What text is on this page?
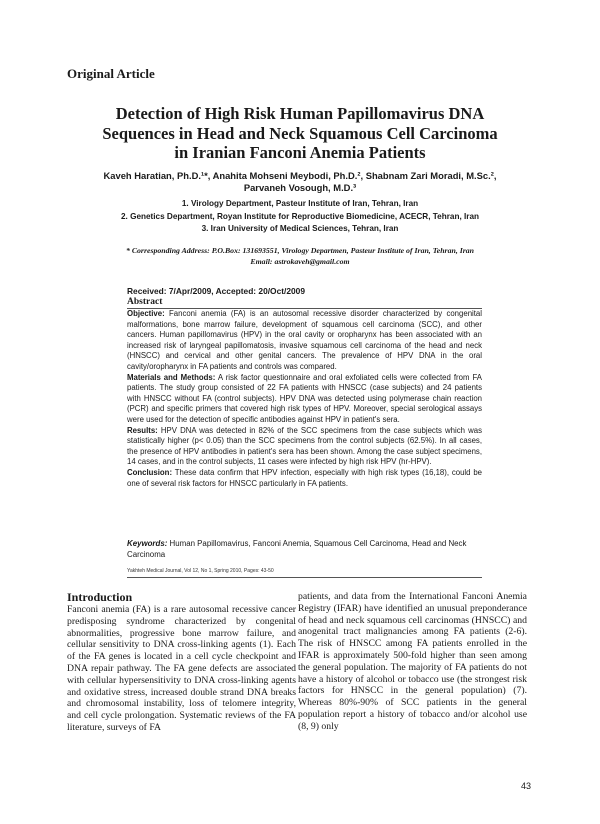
Original Article
Detection of High Risk Human Papillomavirus DNA
Sequences in Head and Neck Squamous Cell Carcinoma
in Iranian Fanconi Anemia Patients
Kaveh Haratian, Ph.D.¹*, Anahita Mohseni Meybodi, Ph.D.², Shabnam Zari Moradi, M.Sc.²,
Parvaneh Vosough, M.D.³
1. Virology Department, Pasteur Institute of Iran, Tehran, Iran
2. Genetics Department, Royan Institute for Reproductive Biomedicine, ACECR, Tehran, Iran
3. Iran University of Medical Sciences, Tehran, Iran
* Corresponding Address: P.O.Box: 131693551, Virology Departmen, Pasteur Institute of Iran, Tehran, Iran
Email: astrokaveh@gmail.com
Received: 7/Apr/2009, Accepted: 20/Oct/2009
Abstract

Objective: Fanconi anemia (FA) is an autosomal recessive disorder characterized by congenital malformations, bone marrow failure, development of squamous cell carcinoma (SCC), and other cancers. Human papillomavirus (HPV) in the oral cavity or oropharynx has been associated with an increased risk of laryngeal papillomatosis, invasive squamous cell carcinoma of the head and neck (HNSCC) and cervical and other genital cancers. The prevalence of HPV DNA in the oral cavity/oropharynx in FA patients and controls was compared.

Materials and Methods: A risk factor questionnaire and oral exfoliated cells were collected from FA patients. The study group consisted of 22 FA patients with HNSCC (case subjects) and 24 patients with HNSCC without FA (control subjects). HPV DNA was detected using polymerase chain reaction (PCR) and specific primers that covered high risk types of HPV. Moreover, special serological assays were used for the detection of specific antibodies against HPV in patient's sera.

Results: HPV DNA was detected in 82% of the SCC specimens from the case subjects which was statistically higher (p< 0.05) than the SCC specimens from the control subjects (62.5%). In all cases, the presence of HPV antibodies in patient's sera has been shown. Among the case subject specimens, 14 cases, and in the control subjects, 11 cases were infected by high risk HPV (hr-HPV).

Conclusion: These data confirm that HPV infection, especially with high risk types (16,18), could be one of several risk factors for HNSCC particularly in FA patients.

Keywords: Human Papillomavirus, Fanconi Anemia, Squamous Cell Carcinoma, Head and Neck Carcinoma
Yakhteh Medical Journal, Vol 12, No 1, Spring 2010, Pages: 43-50
Introduction

Fanconi anemia (FA) is a rare autosomal recessive cancer predisposing syndrome characterized by congenital abnormalities, progressive bone marrow failure, and cellular sensitivity to DNA cross-linking agents (1). Each of the FA genes is located in a cell cycle checkpoint and DNA repair pathway. The FA gene defects are associated with cellular hypersensitivity to DNA cross-linking agents and oxidative stress, increased double strand DNA breaks and chromosomal instability, loss of telomere integrity, and cell cycle prolongation. Systematic reviews of the FA literature, surveys of FA

patients, and data from the International Fanconi Anemia Registry (IFAR) have identified an unusual preponderance of head and neck squamous cell carcinomas (HNSCC) and anogenital tract malignancies among FA patients (2-6). The risk of HNSCC among FA patients enrolled in the IFAR is approximately 500-fold higher than seen among the general population. The majority of FA patients do not have a history of alcohol or tobacco use (the strongest risk factors for HNSCC in the general population) (7). Whereas 80%-90% of SCC patients in the general population report a history of tobacco and/or alcohol use (8, 9) only

43
